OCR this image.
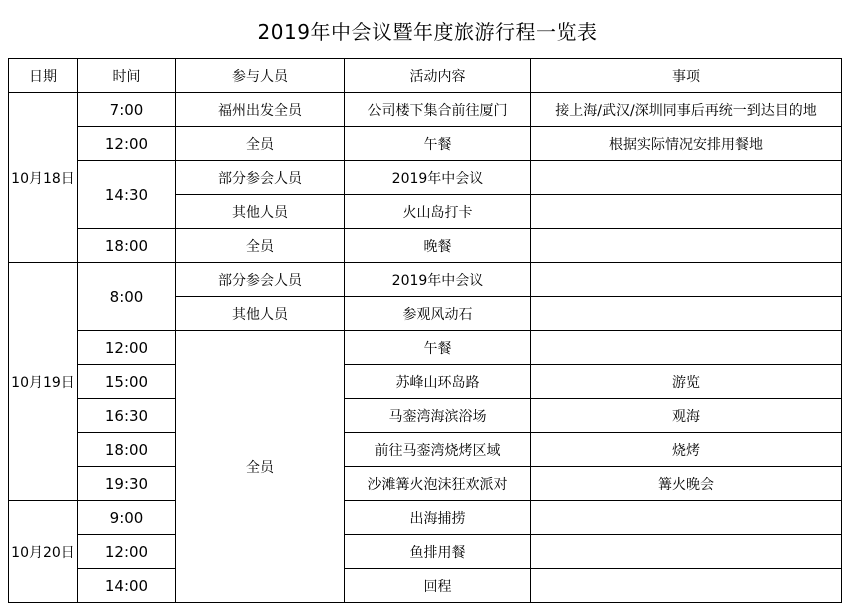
2019年中会议暨年度旅游行程一览表
日期	时间	参与人员	活动内容	事项
10月18日	7:00	福州出发全员	公司楼下集合前往厦门	接上海/武汉/深圳同事后再统一到达目的地
	12:00	全员	午餐	根据实际情况安排用餐地
	14:30	部分参会人员	2019年中会议	
		其他人员	火山岛打卡	
	18:00	全员	晚餐	
10月19日	8:00	部分参会人员	2019年中会议	
		其他人员	参观风动石	
	12:00	全员	午餐	
	15:00		苏峰山环岛路	游览
	16:30		马銮湾海滨浴场	观海
	18:00		前往马銮湾烧烤区域	烧烤
	19:30		沙滩篝火泡沫狂欢派对	篝火晚会
10月20日	9:00		出海捕捞	
	12:00		鱼排用餐	
	14:00		回程	
